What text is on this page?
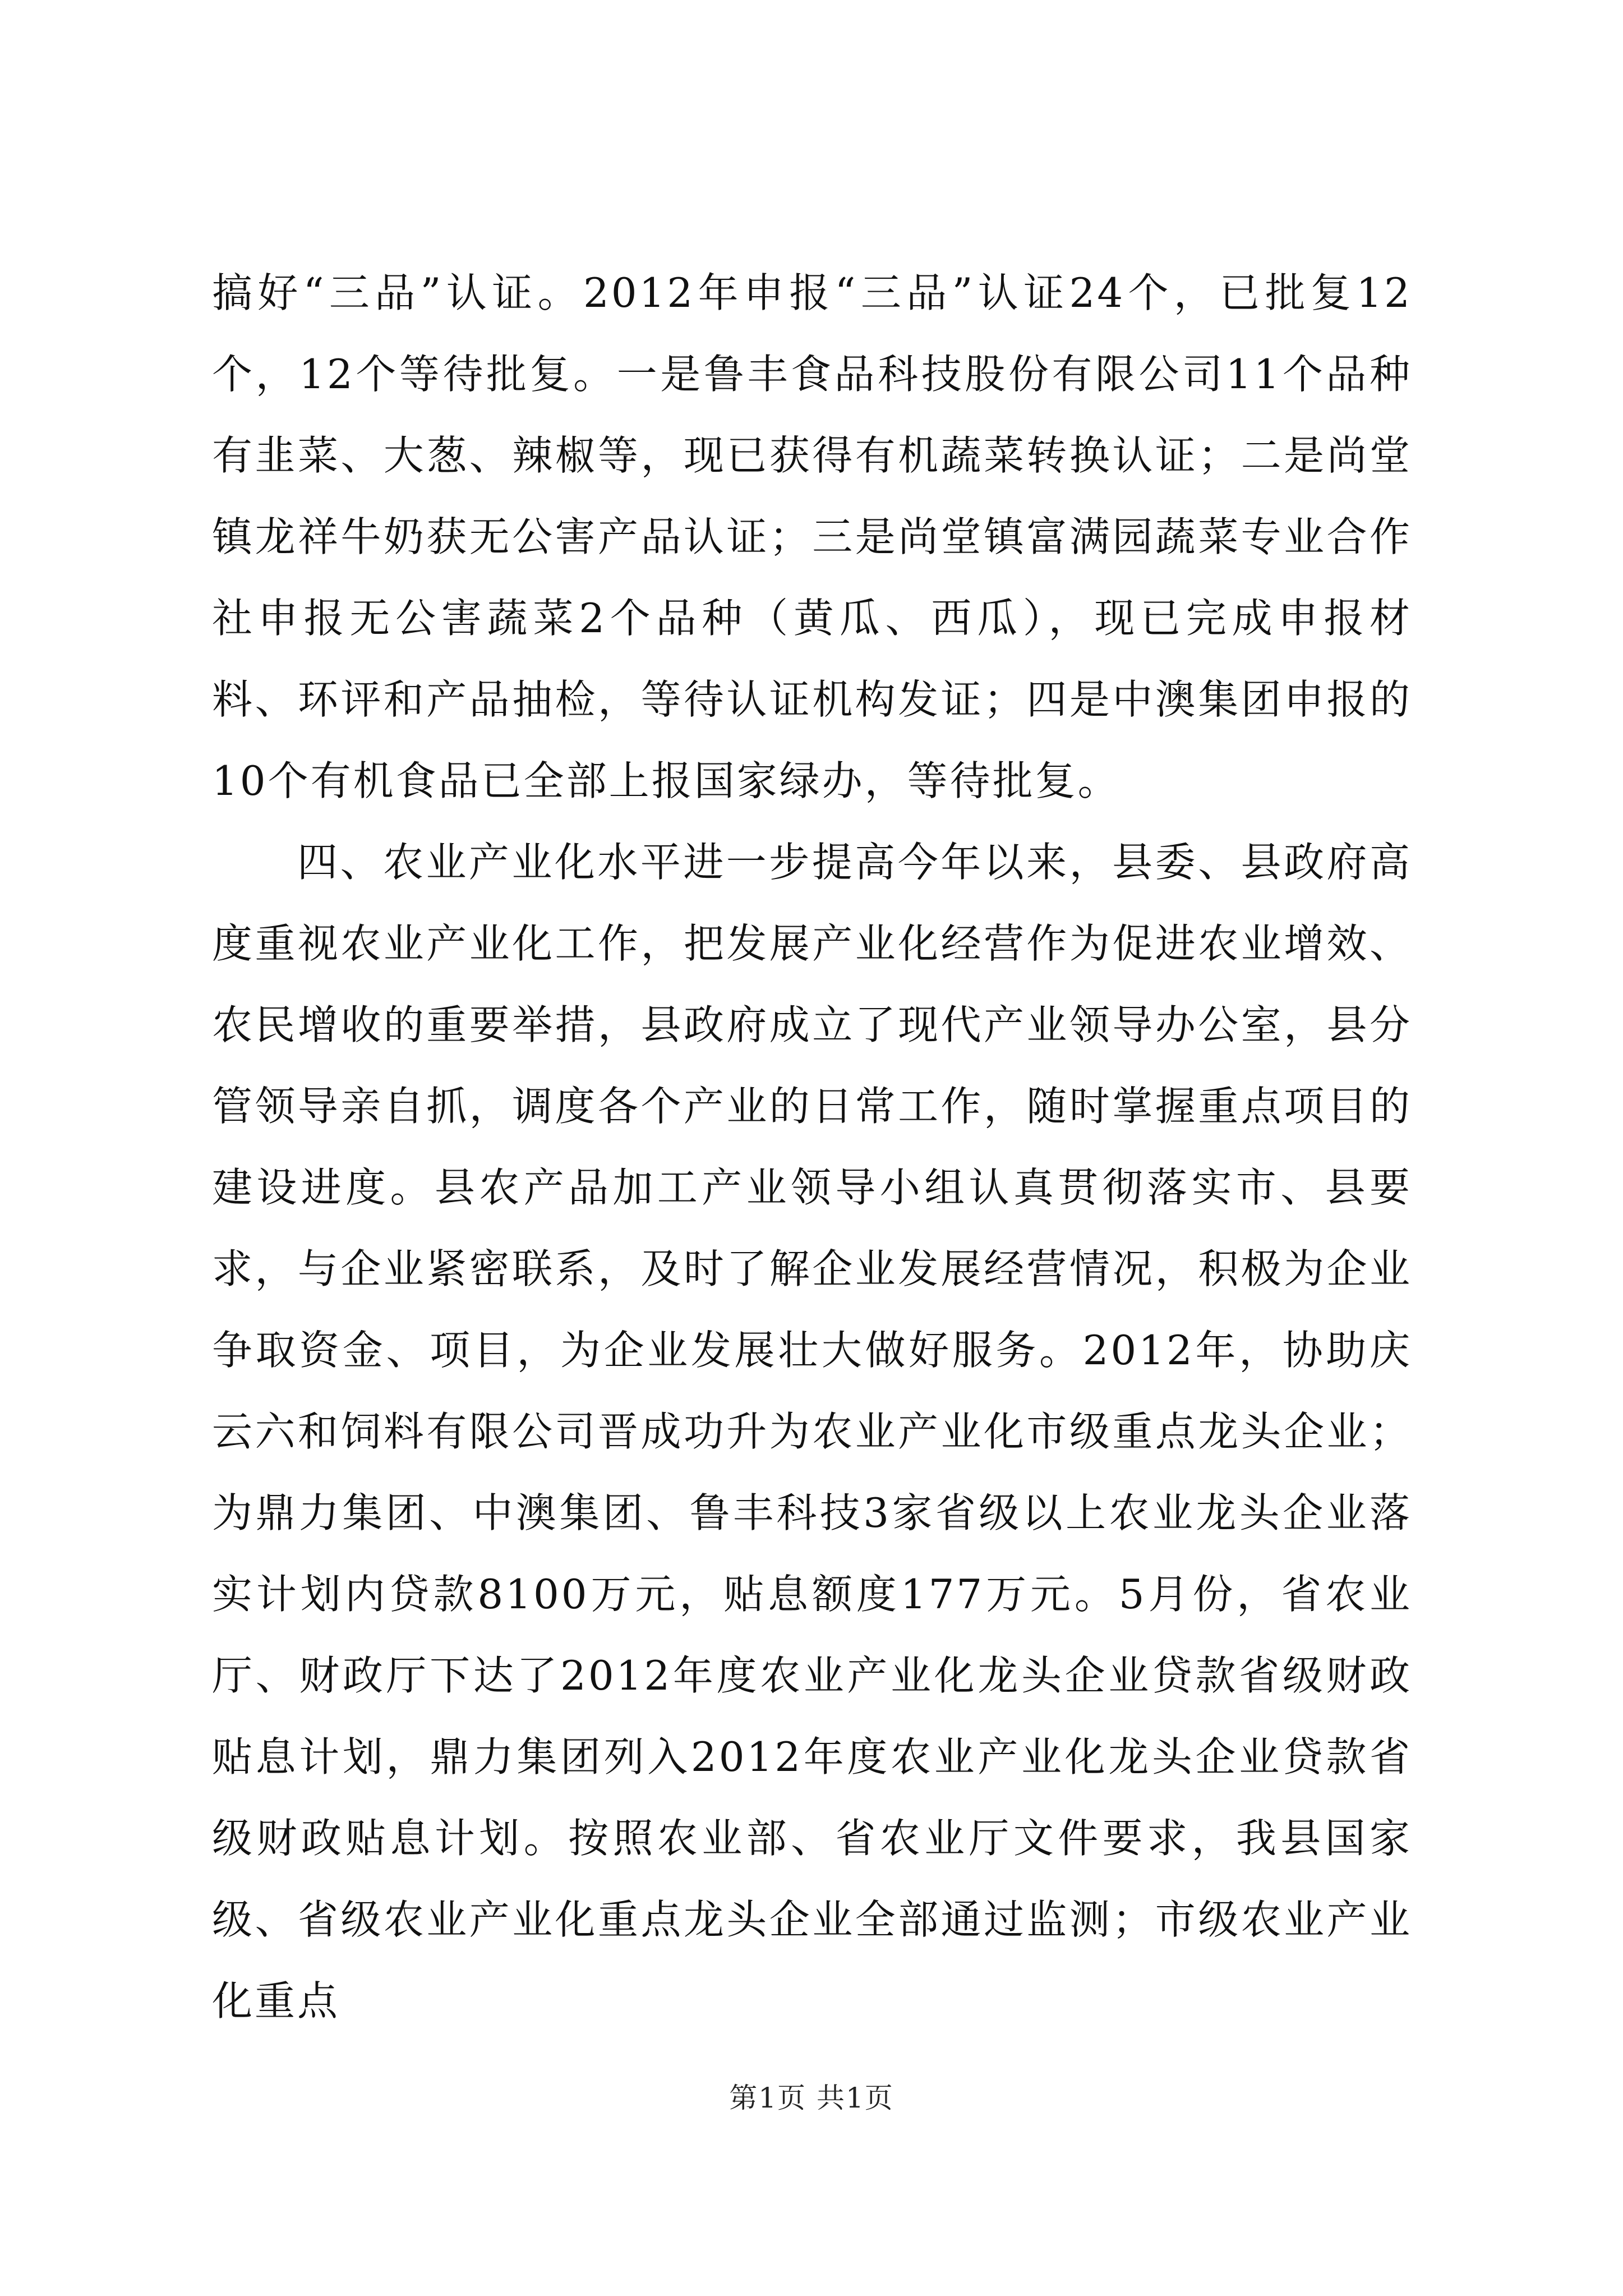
搞好“三品”认证。2012年申报“三品”认证24个，已批复12个，12个等待批复。一是鲁丰食品科技股份有限公司11个品种有韭菜、大葱、辣椒等，现已获得有机蔬菜转换认证；二是尚堂镇龙祥牛奶获无公害产品认证；三是尚堂镇富满园蔬菜专业合作社申报无公害蔬菜2个品种（黄瓜、西瓜），现已完成申报材料、环评和产品抽检，等待认证机构发证；四是中澳集团申报的10个有机食品已全部上报国家绿办，等待批复。

四、农业产业化水平进一步提高今年以来，县委、县政府高度重视农业产业化工作，把发展产业化经营作为促进农业增效、农民增收的重要举措，县政府成立了现代产业领导办公室，县分管领导亲自抓，调度各个产业的日常工作，随时掌握重点项目的建设进度。县农产品加工产业领导小组认真贯彻落实市、县要求，与企业紧密联系，及时了解企业发展经营情况，积极为企业争取资金、项目，为企业发展壮大做好服务。2012年，协助庆云六和饲料有限公司晋成功升为农业产业化市级重点龙头企业；为鼎力集团、中澳集团、鲁丰科技3家省级以上农业龙头企业落实计划内贷款8100万元，贴息额度177万元。5月份，省农业厅、财政厅下达了2012年度农业产业化龙头企业贷款省级财政贴息计划，鼎力集团列入2012年度农业产业化龙头企业贷款省级财政贴息计划。按照农业部、省农业厅文件要求，我县国家级、省级农业产业化重点龙头企业全部通过监测；市级农业产业化重点

第1页 共1页
